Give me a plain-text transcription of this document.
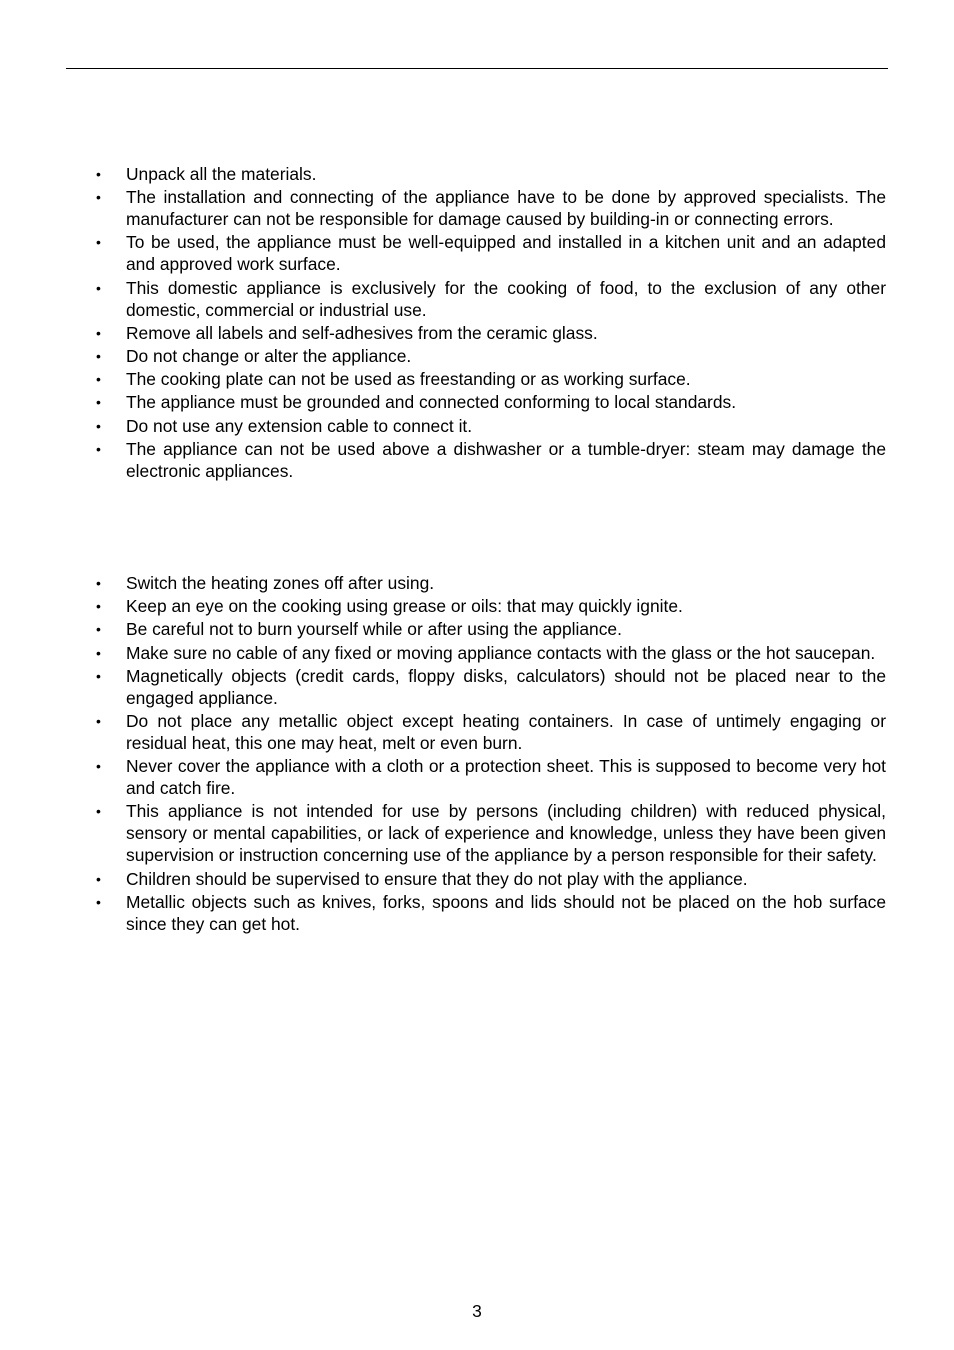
•	Unpack all the materials.
•	The installation and connecting of the appliance have to be done by approved specialists. The manufacturer can not be responsible for damage caused by building-in or connecting errors.
•	To be used, the appliance must be well-equipped and installed in a kitchen unit and an adapted and approved work surface.
•	This domestic appliance is exclusively for the cooking of food, to the exclusion of any other domestic, commercial or industrial use.
•	Remove all labels and self-adhesives from the ceramic glass.
•	Do not change or alter the appliance.
•	The cooking plate can not be used as freestanding or as working surface.
•	The appliance must be grounded and connected conforming to local standards.
•	Do not use any extension cable to connect it.
•	The appliance can not be used above a dishwasher or a tumble-dryer: steam may damage the electronic appliances.
•	Switch the heating zones off after using.
•	Keep an eye on the cooking using grease or oils: that may quickly ignite.
•	Be careful not to burn yourself while or after using the appliance.
•	Make sure no cable of any fixed or moving appliance contacts with the glass or the hot saucepan.
•	Magnetically objects (credit cards, floppy disks, calculators) should not be placed near to the engaged appliance.
•	Do not place any metallic object except heating containers. In case of untimely engaging or residual heat, this one may heat, melt or even burn.
•	Never cover the appliance with a cloth or a protection sheet. This is supposed to become very hot and catch fire.
•	This appliance is not intended for use by persons (including children) with reduced physical, sensory or mental capabilities, or lack of experience and knowledge, unless they have been given supervision or instruction concerning use of the appliance by a person responsible for their safety.
•	Children should be supervised to ensure that they do not play with the appliance.
•	Metallic objects such as knives, forks, spoons and lids should not be placed on the hob surface since they can get hot.
3
